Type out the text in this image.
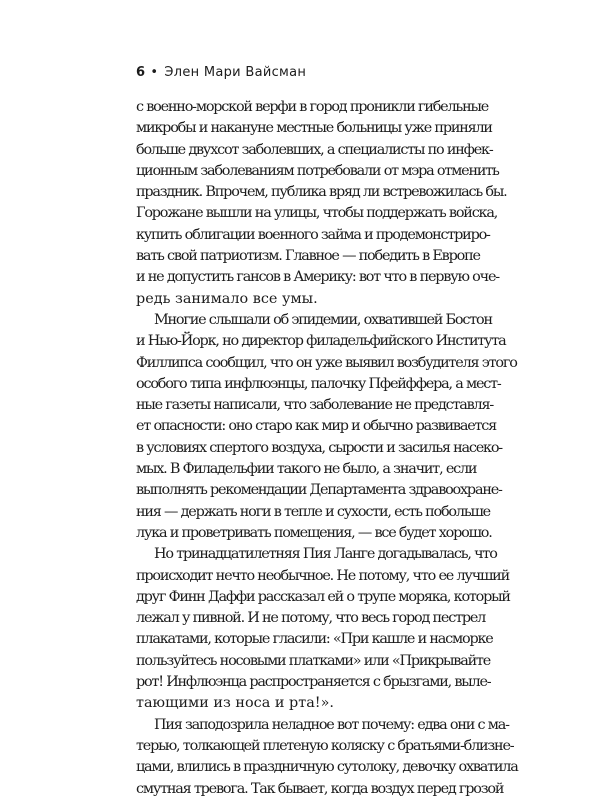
6 • Элен Мари Вайсман
с военно-морской верфи в город проникли гибельные
микробы и накануне местные больницы уже приняли
больше двухсот заболевших, а специалисты по инфек-
ционным заболеваниям потребовали от мэра отменить
праздник. Впрочем, публика вряд ли встревожилась бы.
Горожане вышли на улицы, чтобы поддержать войска,
купить облигации военного займа и продемонстриро-
вать свой патриотизм. Главное — победить в Европе
и не допустить гансов в Америку: вот что в первую оче-
редь занимало все умы.
Многие слышали об эпидемии, охватившей Бостон
и Нью-Йорк, но директор филадельфийского Института
Филлипса сообщил, что он уже выявил возбудителя этого
особого типа инфлюэнцы, палочку Пфейффера, а мест-
ные газеты написали, что заболевание не представля-
ет опасности: оно старо как мир и обычно развивается
в условиях спертого воздуха, сырости и засилья насеко-
мых. В Филадельфии такого не было, а значит, если
выполнять рекомендации Департамента здравоохране-
ния — держать ноги в тепле и сухости, есть побольше
лука и проветривать помещения, — все будет хорошо.
Но тринадцатилетняя Пия Ланге догадывалась, что
происходит нечто необычное. Не потому, что ее лучший
друг Финн Даффи рассказал ей о трупе моряка, который
лежал у пивной. И не потому, что весь город пестрел
плакатами, которые гласили: «При кашле и насморке
пользуйтесь носовыми платками» или «Прикрывайте
рот! Инфлюэнца распространяется с брызгами, выле-
тающими из носа и рта!».
Пия заподозрила неладное вот почему: едва они с ма-
терью, толкающей плетеную коляску с братьями-близне-
цами, влились в праздничную сутолоку, девочку охватила
смутная тревога. Так бывает, когда воздух перед грозой
